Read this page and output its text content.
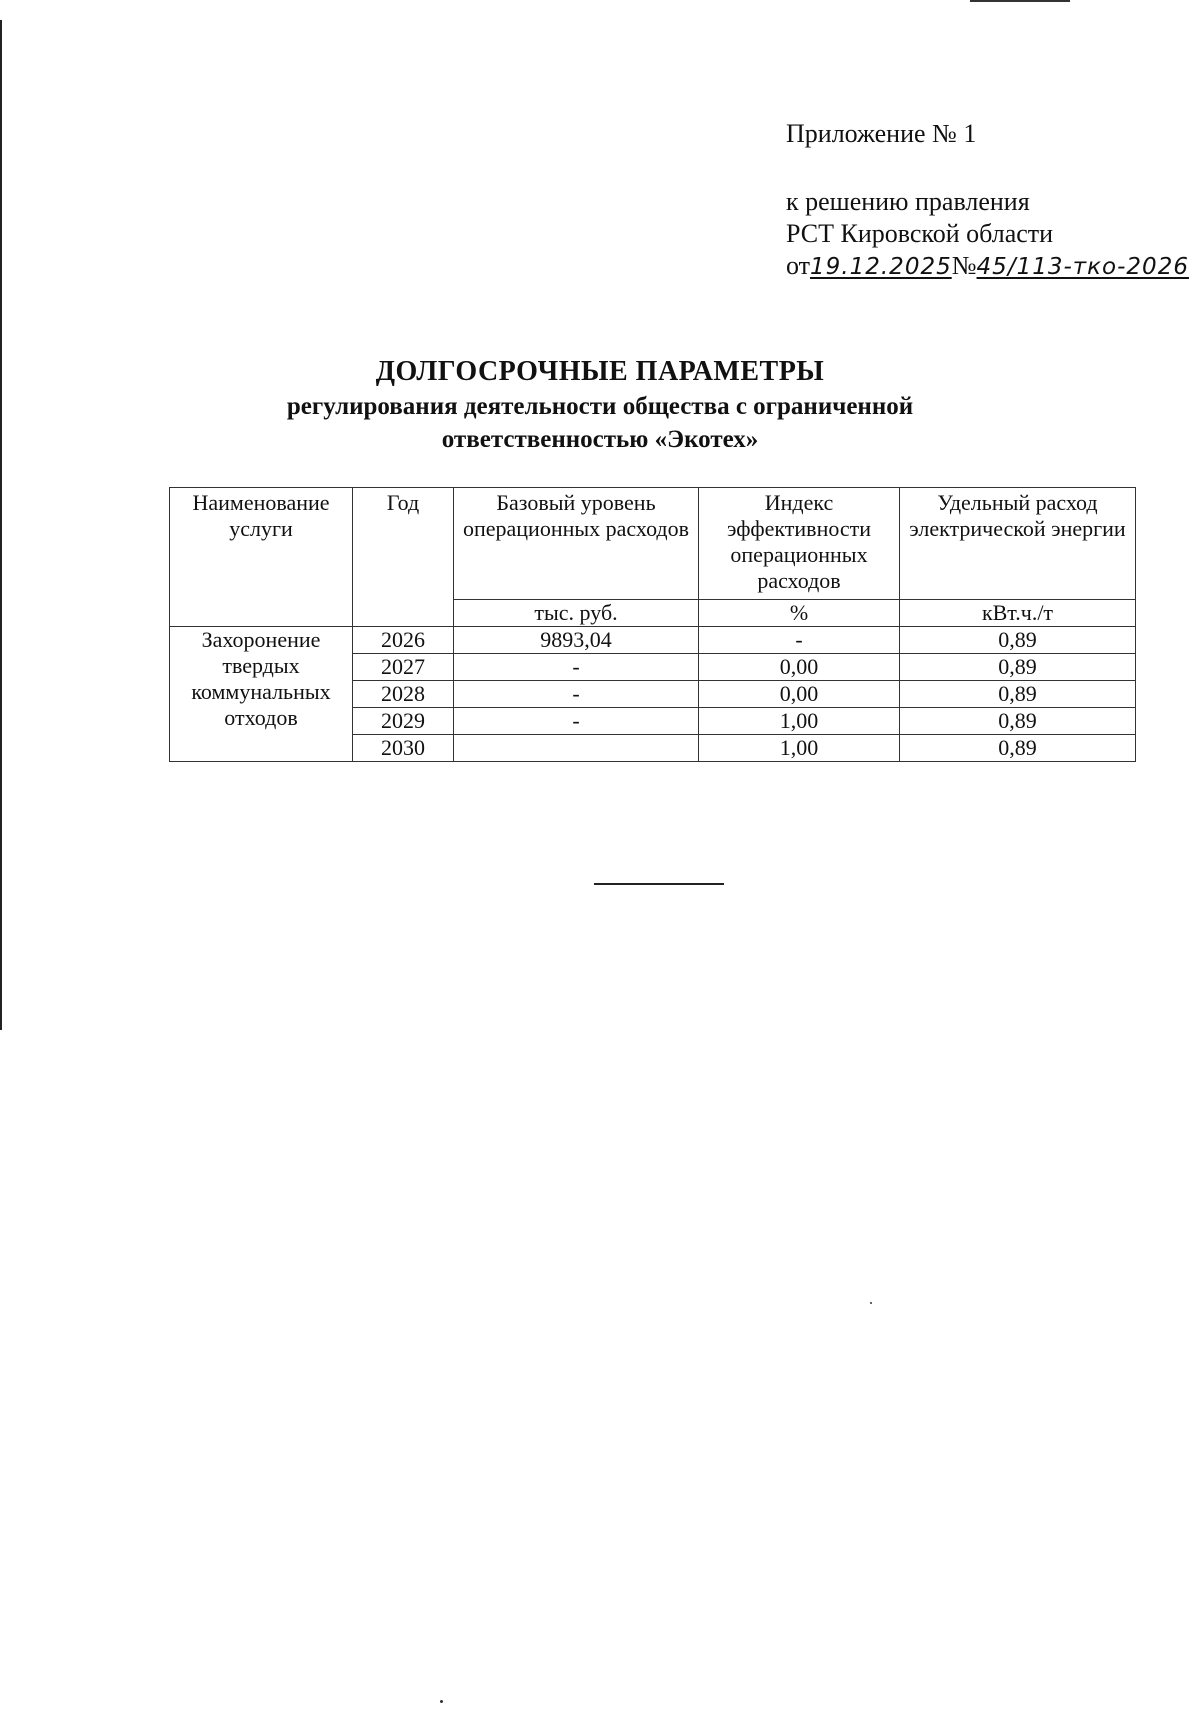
Приложение № 1
к решению правления
РСТ Кировской области
от19.12.2025№45/113-тко-2026
ДОЛГОСРОЧНЫЕ ПАРАМЕТРЫ
регулирования деятельности общества с ограниченной
ответственностью «Экотех»
Наименование услуги	Год	Базовый уровень операционных расходов	Индекс эффективности операционных расходов	Удельный расход электрической энергии
		тыс. руб.	%	кВт.ч./т
Захоронение твердых коммунальных отходов	2026	9893,04	-	0,89
	2027	-	0,00	0,89
	2028	-	0,00	0,89
	2029	-	1,00	0,89
	2030		1,00	0,89
